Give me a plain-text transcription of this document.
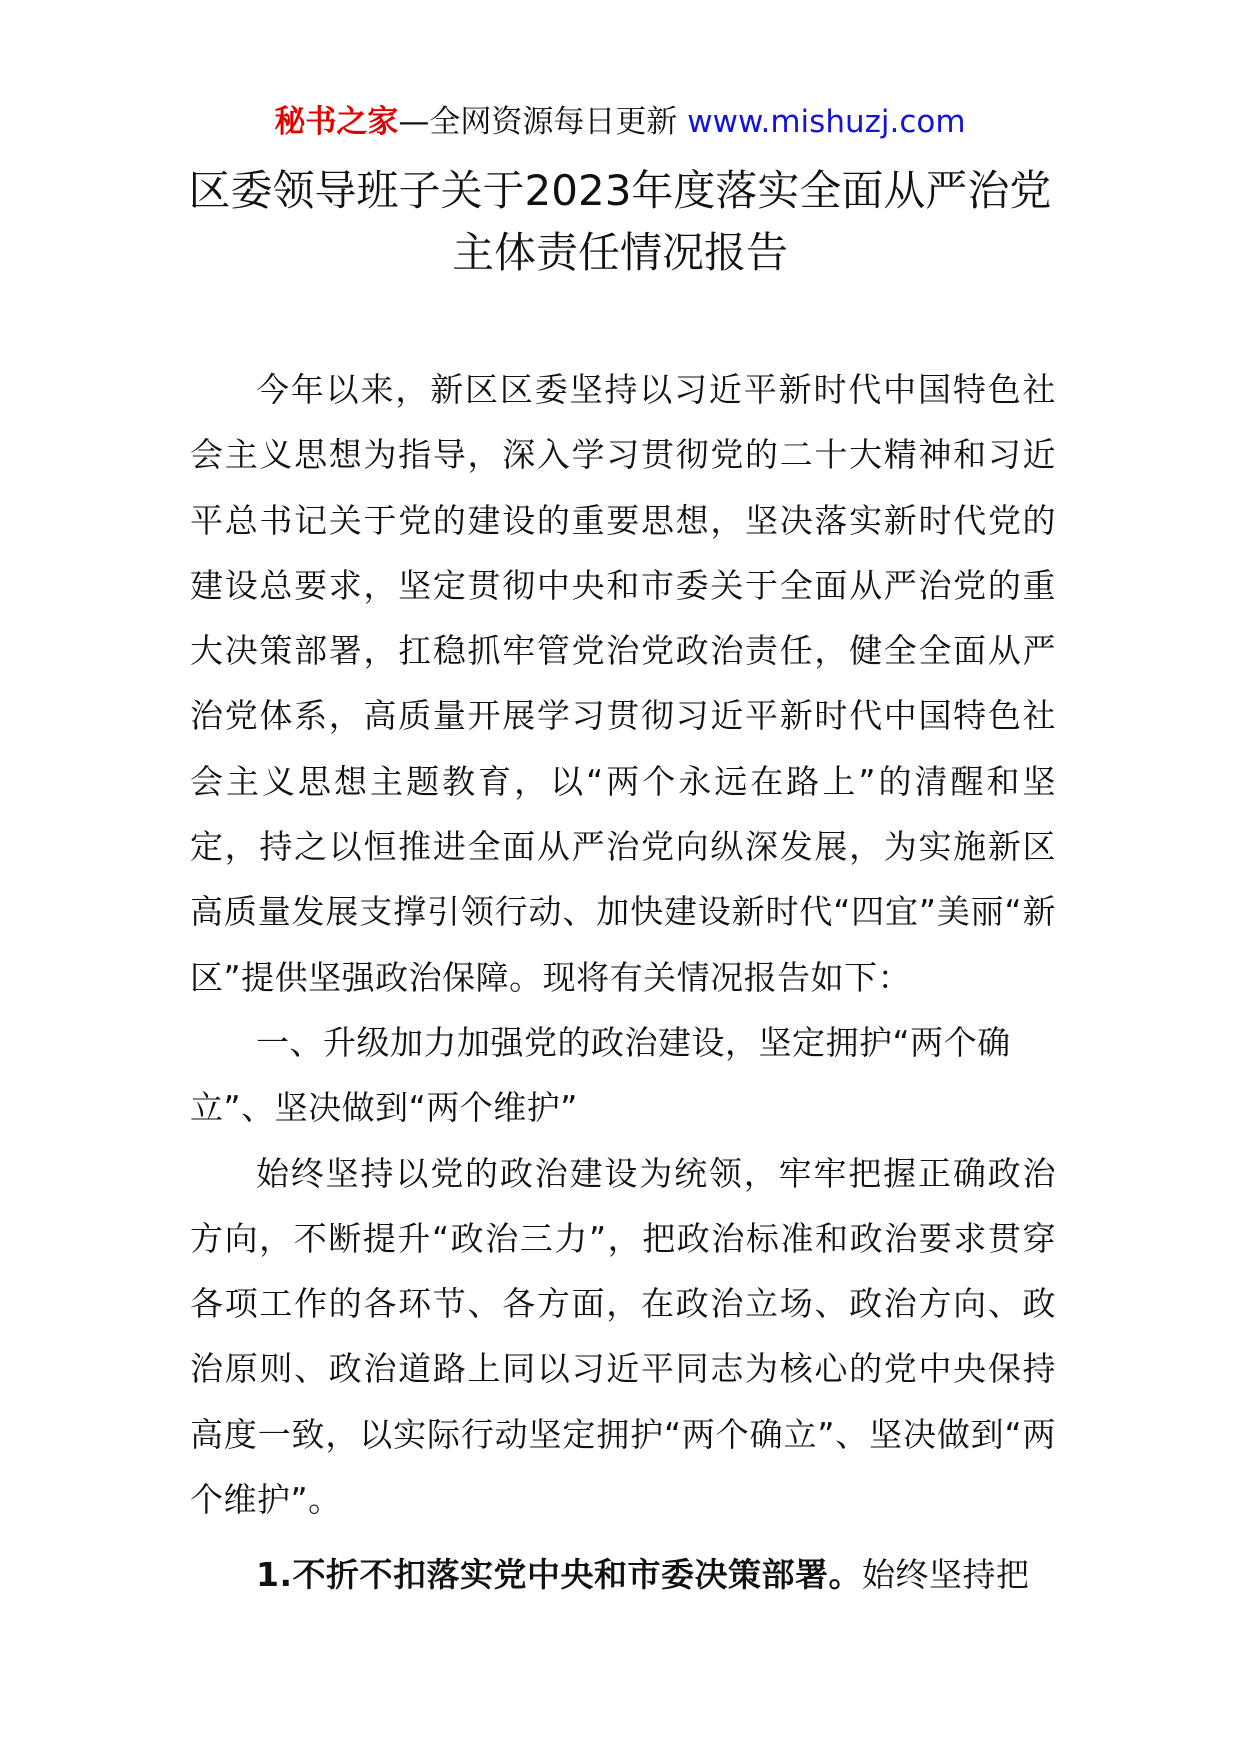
秘书之家—全网资源每日更新 www.mishuzj.com
区委领导班子关于2023年度落实全面从严治党
主体责任情况报告

今年以来，新区区委坚持以习近平新时代中国特色社会主义思想为指导，深入学习贯彻党的二十大精神和习近平总书记关于党的建设的重要思想，坚决落实新时代党的建设总要求，坚定贯彻中央和市委关于全面从严治党的重大决策部署，扛稳抓牢管党治党政治责任，健全全面从严治党体系，高质量开展学习贯彻习近平新时代中国特色社会主义思想主题教育，以“两个永远在路上”的清醒和坚定，持之以恒推进全面从严治党向纵深发展，为实施新区高质量发展支撑引领行动、加快建设新时代“四宜”美丽“新区”提供坚强政治保障。现将有关情况报告如下：

一、升级加力加强党的政治建设，坚定拥护“两个确立”、坚决做到“两个维护”

始终坚持以党的政治建设为统领，牢牢把握正确政治方向，不断提升“政治三力”，把政治标准和政治要求贯穿各项工作的各环节、各方面，在政治立场、政治方向、政治原则、政治道路上同以习近平同志为核心的党中央保持高度一致，以实际行动坚定拥护“两个确立”、坚决做到“两个维护”。

1.不折不扣落实党中央和市委决策部署。始终坚持把
